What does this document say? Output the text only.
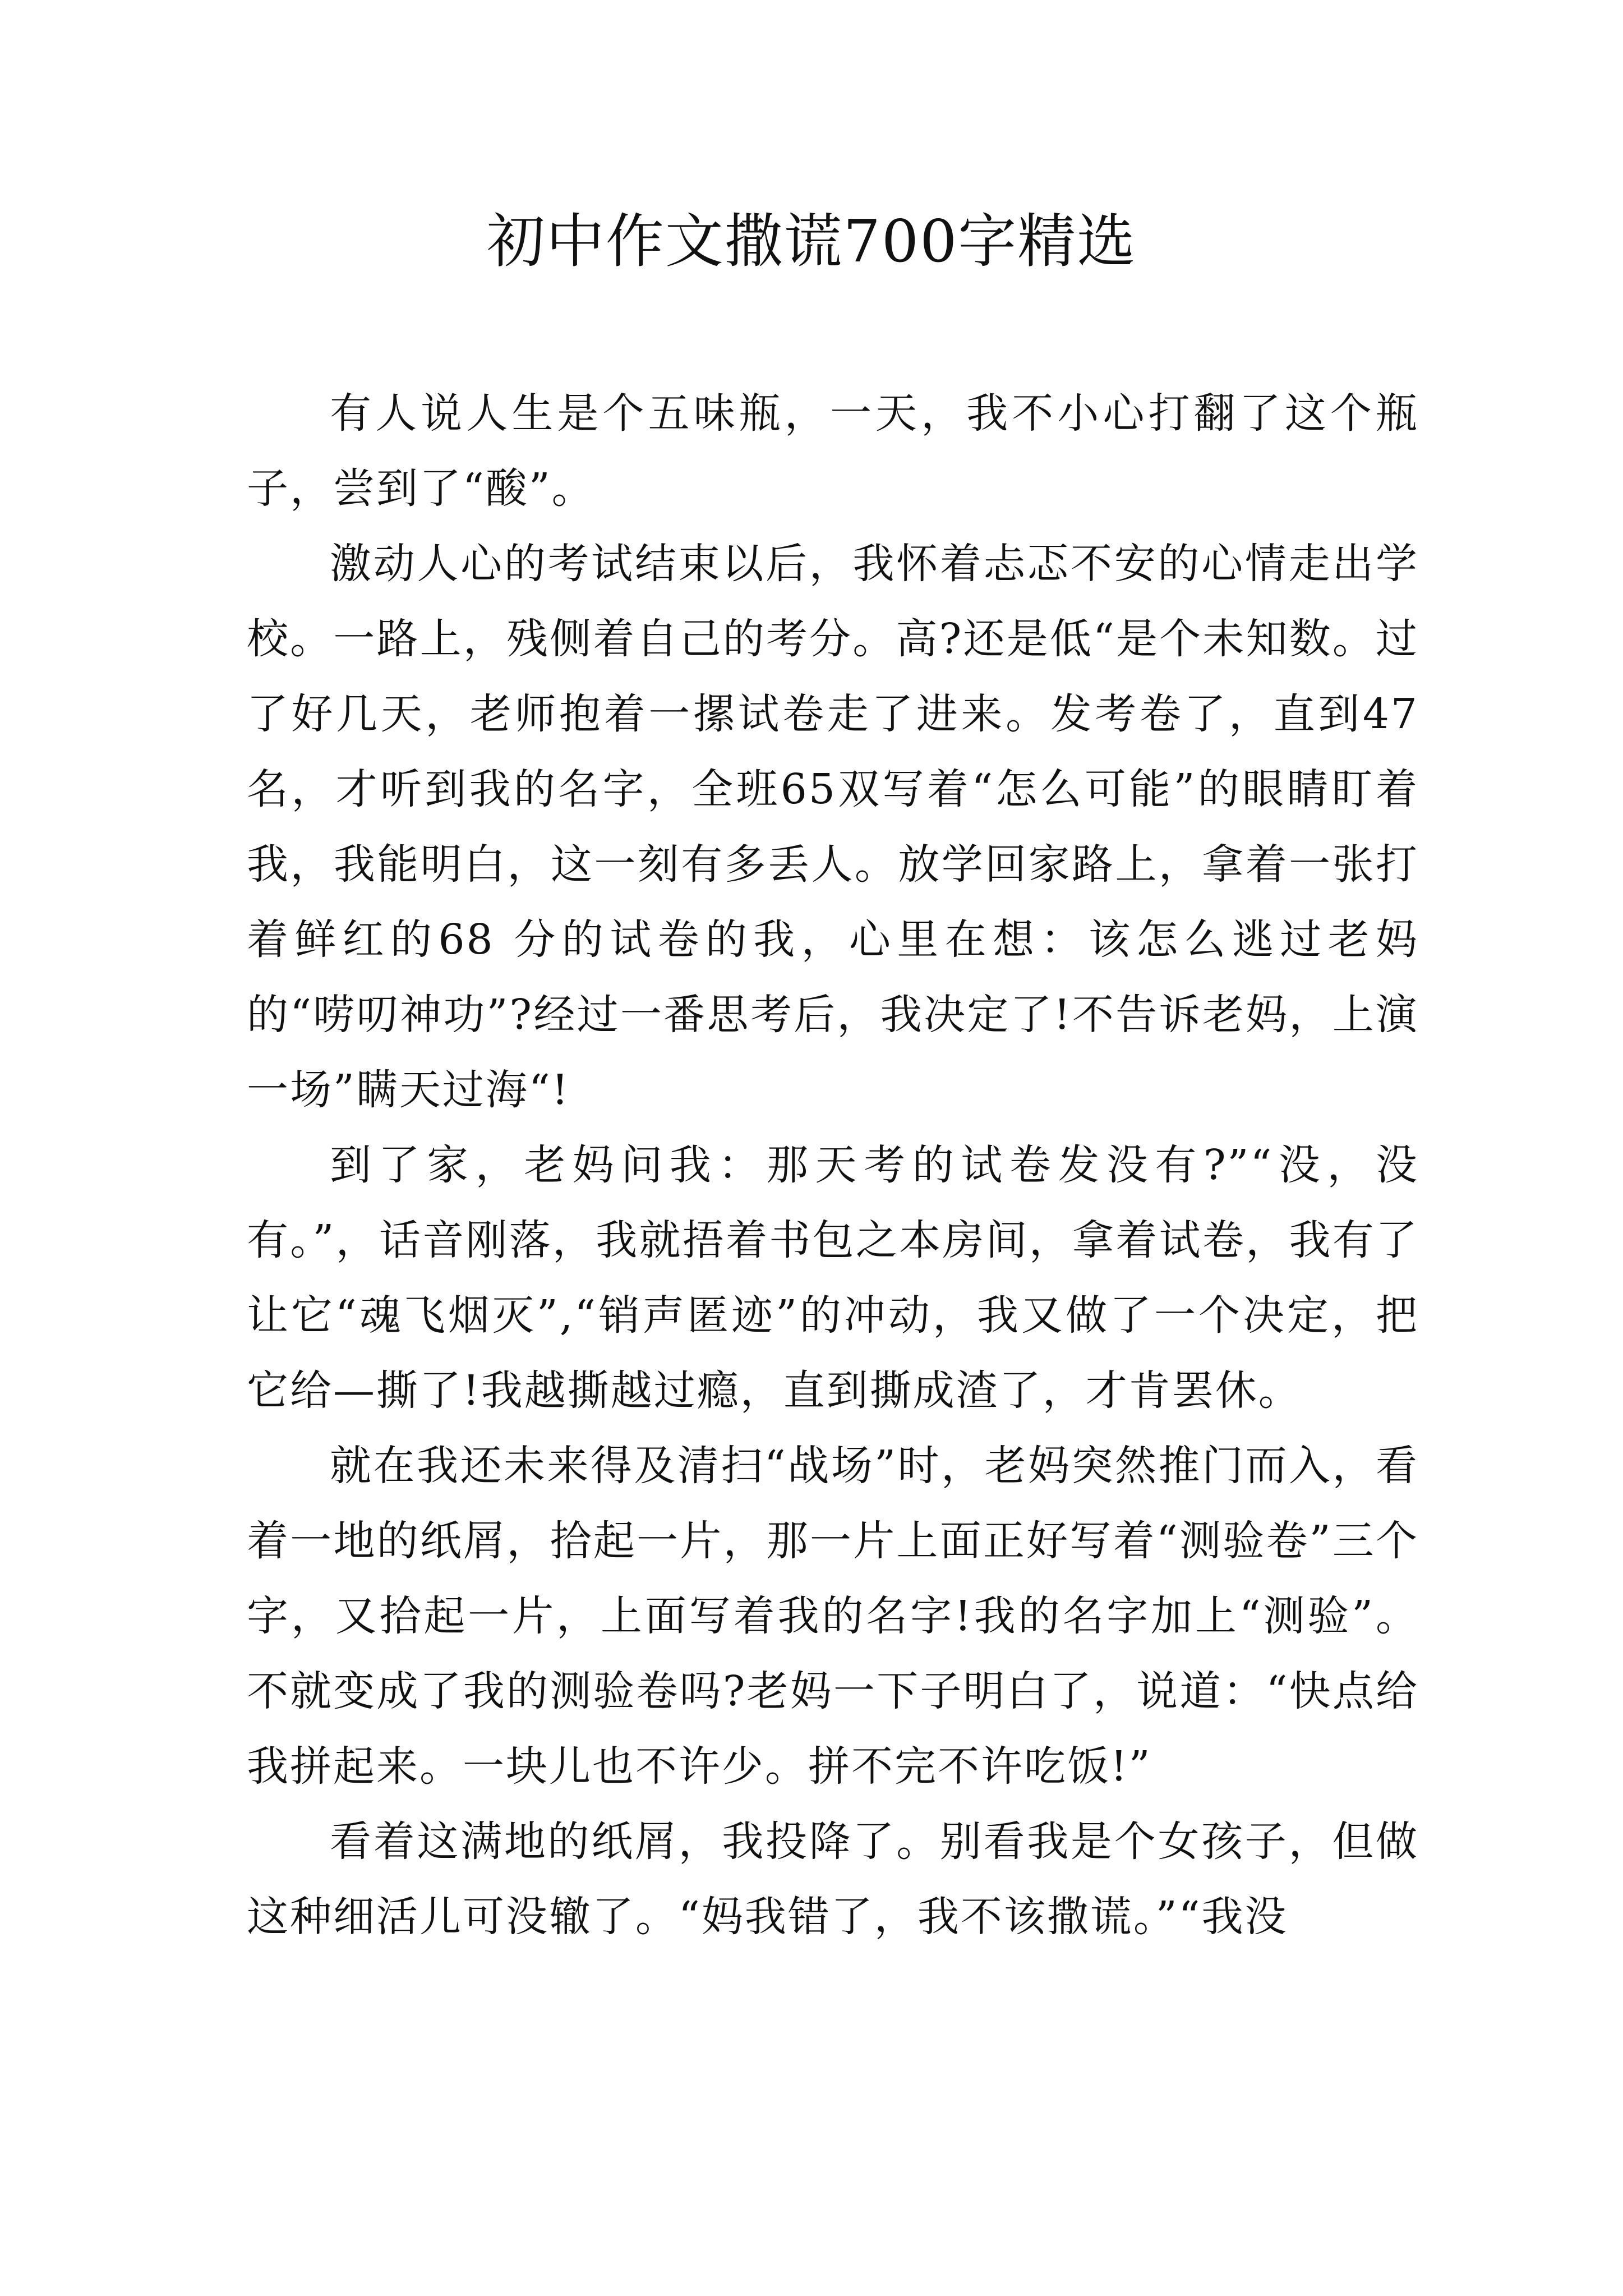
初中作文撒谎700字精选

有人说人生是个五味瓶，一天，我不小心打翻了这个瓶子，尝到了“酸”。

激动人心的考试结束以后，我怀着忐忑不安的心情走出学校。一路上，残侧着自己的考分。高?还是低“是个未知数。过了好几天，老师抱着一摞试卷走了进来。发考卷了，直到47名，才听到我的名字，全班65双写着“怎么可能”的眼睛盯着我，我能明白，这一刻有多丢人。放学回家路上，拿着一张打着鲜红的68 分的试卷的我，心里在想：该怎么逃过老妈的“唠叨神功”?经过一番思考后，我决定了!不告诉老妈，上演一场”瞒天过海“!

到了家，老妈问我：那天考的试卷发没有?”“没，没有。”，话音刚落，我就捂着书包之本房间，拿着试卷，我有了让它“魂飞烟灭”,“销声匿迹”的冲动，我又做了一个决定，把它给—撕了!我越撕越过瘾，直到撕成渣了，才肯罢休。

就在我还未来得及清扫“战场”时，老妈突然推门而入，看着一地的纸屑，拾起一片，那一片上面正好写着“测验卷”三个字，又拾起一片，上面写着我的名字!我的名字加上“测验”。不就变成了我的测验卷吗?老妈一下子明白了，说道：“快点给我拼起来。一块儿也不许少。拼不完不许吃饭!”

看着这满地的纸屑，我投降了。别看我是个女孩子，但做这种细活儿可没辙了。“妈我错了，我不该撒谎。”“我没
